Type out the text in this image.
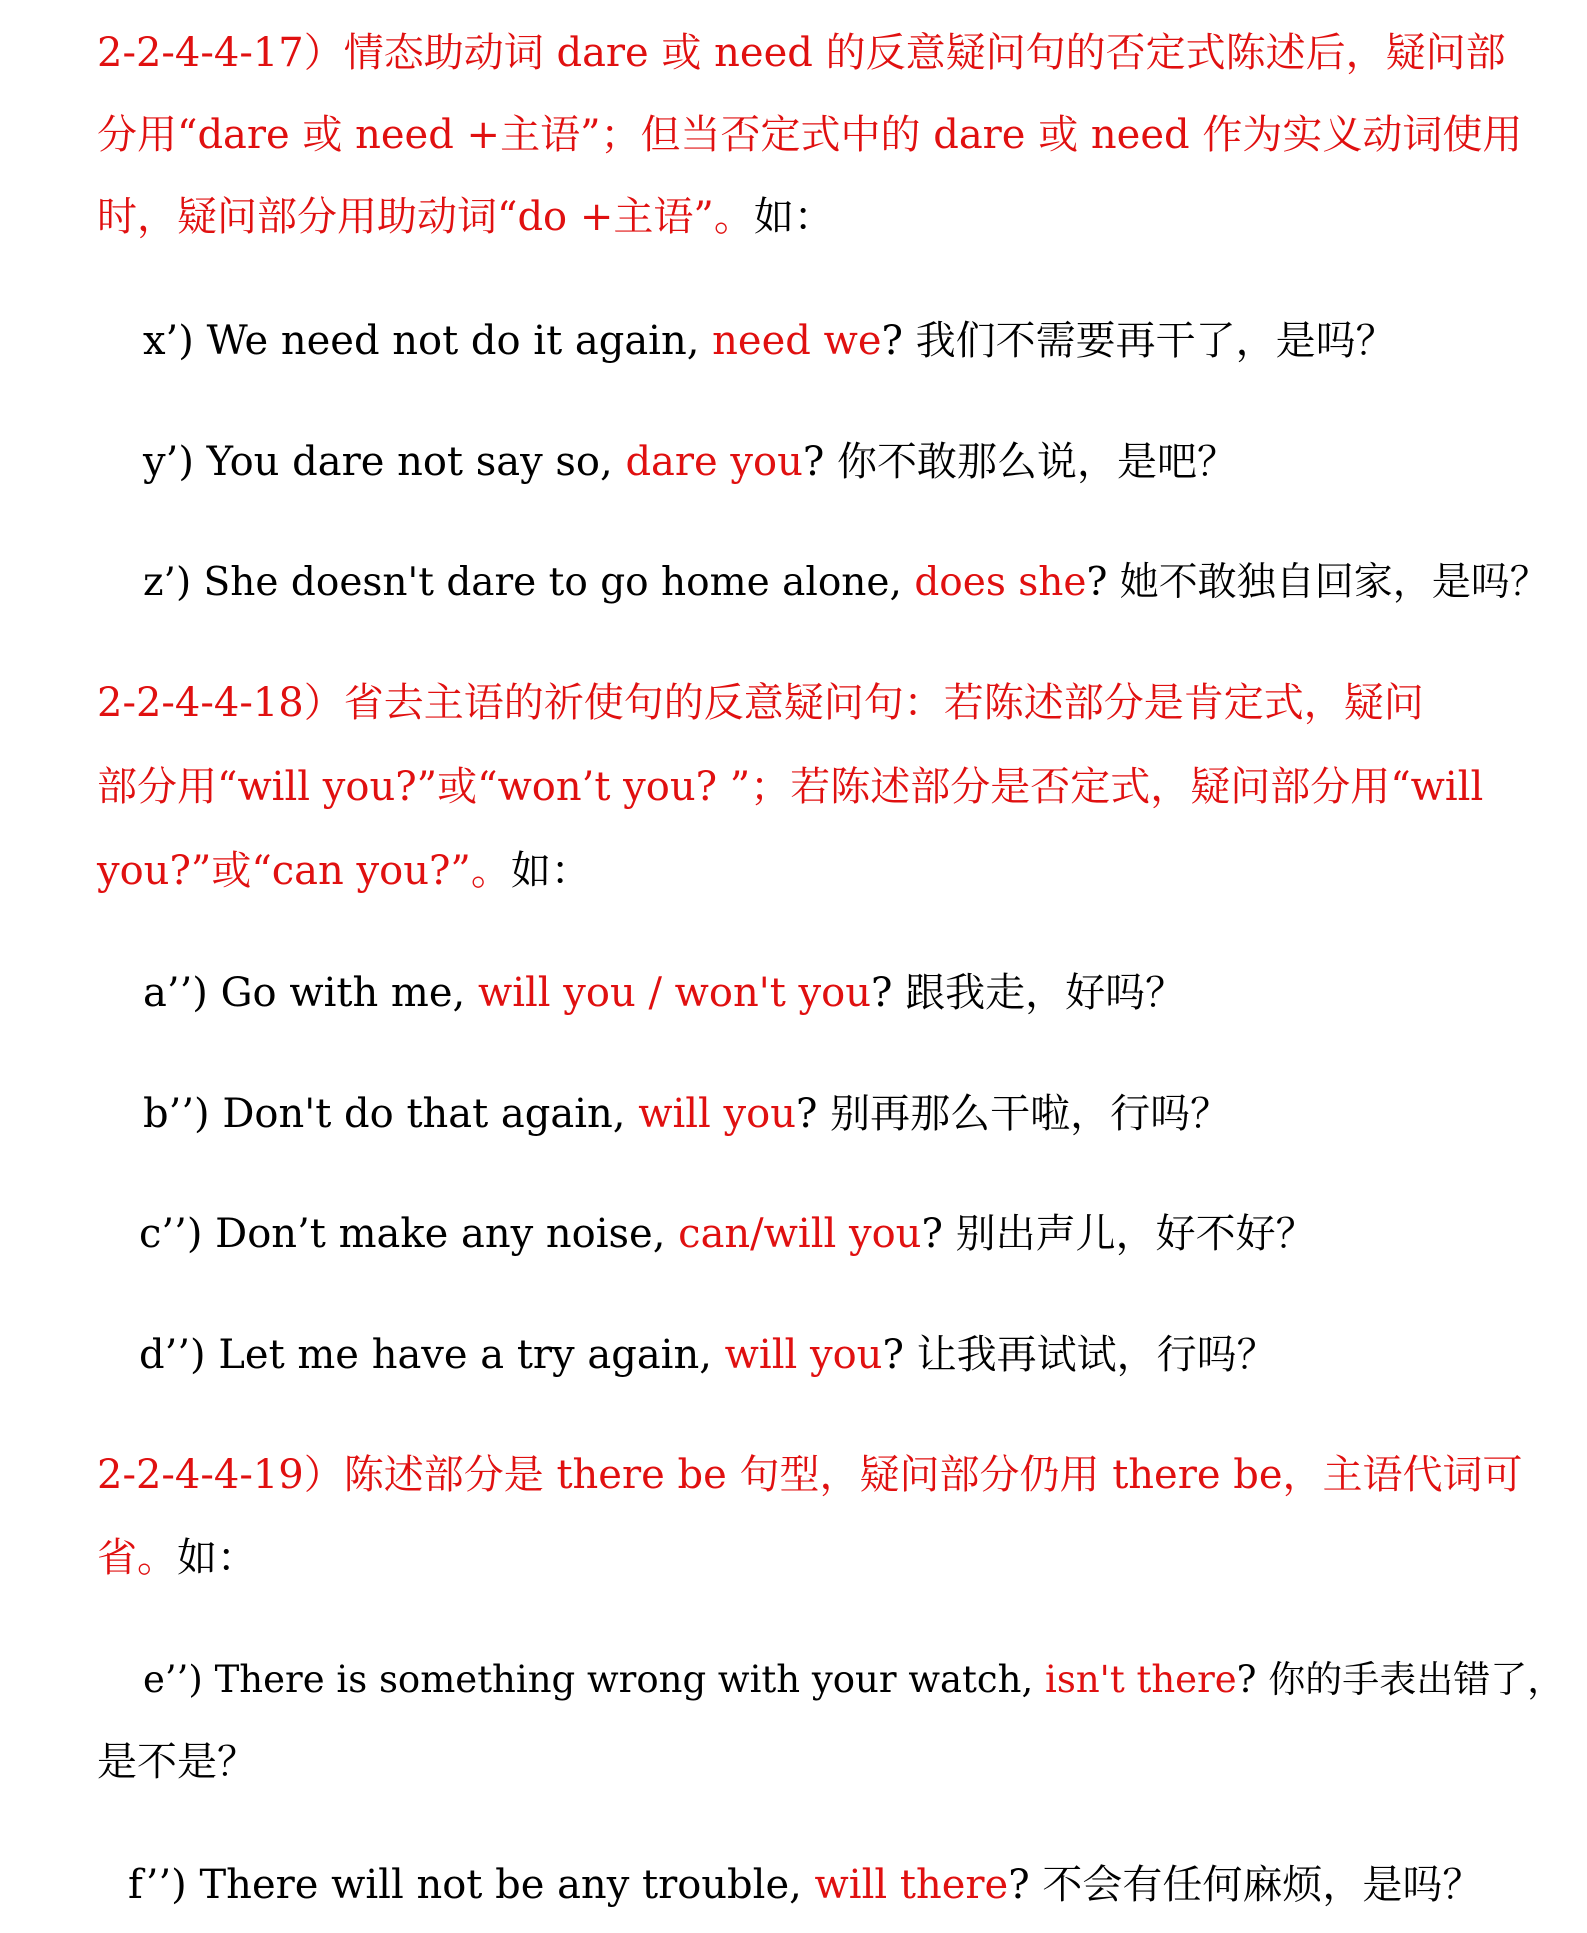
2-2-4-4-17）情态助动词 dare 或 need 的反意疑问句的否定式陈述后，疑问部
分用“dare 或 need +主语”；但当否定式中的 dare 或 need 作为实义动词使用
时，疑问部分用助动词“do +主语”。如：
x’) We need not do it again, need we? 我们不需要再干了，是吗？
y’) You dare not say so, dare you? 你不敢那么说，是吧？
z’) She doesn't dare to go home alone, does she? 她不敢独自回家，是吗？
2-2-4-4-18）省去主语的祈使句的反意疑问句：若陈述部分是肯定式，疑问
部分用“will you?”或“won’t you? ”；若陈述部分是否定式，疑问部分用“will
you?”或“can you?”。如：
a’’) Go with me, will you / won't you? 跟我走，好吗？
b’’) Don't do that again, will you? 别再那么干啦，行吗？
c’’) Don’t make any noise, can/will you? 别出声儿，好不好？
d’’) Let me have a try again, will you? 让我再试试，行吗？
2-2-4-4-19）陈述部分是 there be 句型，疑问部分仍用 there be，主语代词可
省。如：
e’’) There is something wrong with your watch, isn't there? 你的手表出错了，
是不是？
f’’) There will not be any trouble, will there? 不会有任何麻烦，是吗？
